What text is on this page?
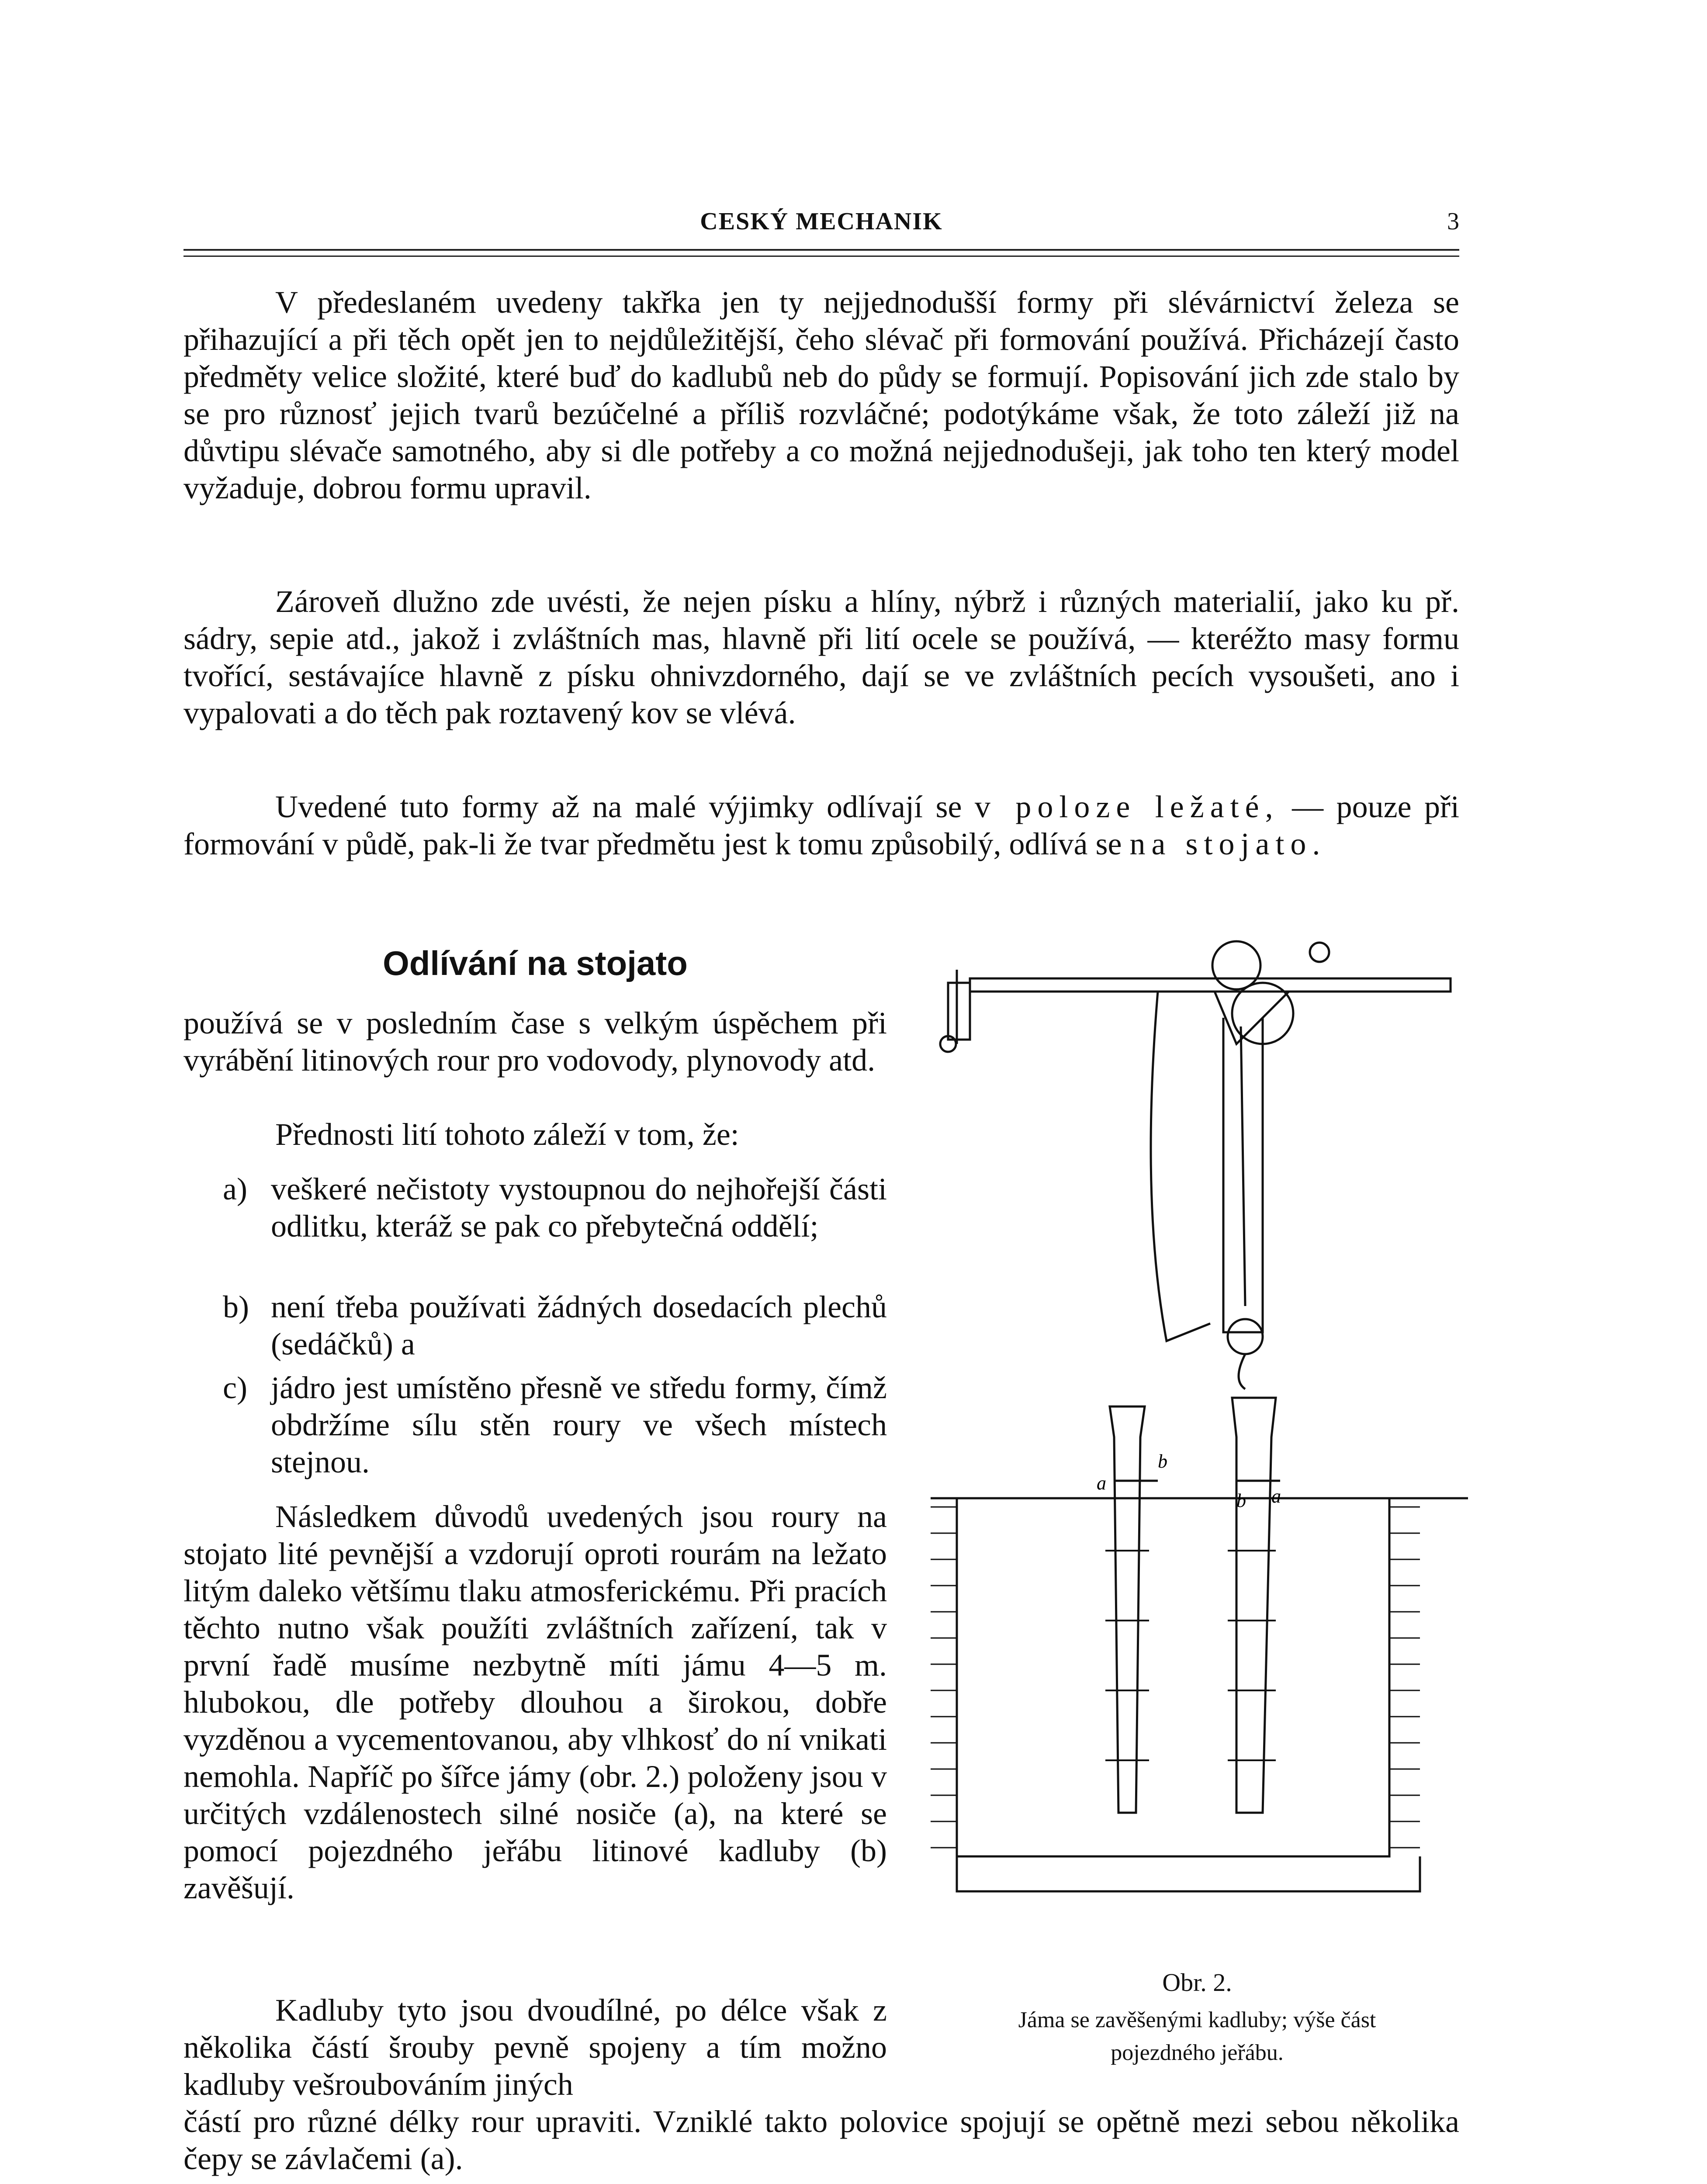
CESKÝ MECHANIK	3

V předeslaném uvedeny takřka jen ty nejjednodušší formy při slévárnictví železa se přihazující a při těch opět jen to nejdůležitější, čeho slévač při formování používá. Přicházejí často předměty velice složité, které buď do kadlubů neb do půdy se formují. Popisování jich zde stalo by se pro různosť jejich tvarů bezúčelné a příliš rozvláčné; podotýkáme však, že toto záleží již na důvtipu slévače samotného, aby si dle potřeby a co možná nejjednodušeji, jak toho ten který model vyžaduje, dobrou formu upravil.

Zároveň dlužno zde uvésti, že nejen písku a hlíny, nýbrž i různých materialií, jako ku př. sádry, sepie atd., jakož i zvláštních mas, hlavně při lití ocele se používá, — kteréžto masy formu tvořící, sestávajíce hlavně z písku ohnivzdorného, dají se ve zvláštních pecích vysoušeti, ano i vypalovati a do těch pak roztavený kov se vlévá.

Uvedené tuto formy až na malé výjimky odlívají se v poloze ležaté, — pouze při formování v půdě, pak-li že tvar předmětu jest k tomu způsobilý, odlívá se na stojato.

Odlívání na stojato

používá se v posledním čase s velkým úspěchem při vyrábění litinových rour pro vodovody, plynovody atd.

Přednosti lití tohoto záleží v tom, že:

a) veškeré nečistoty vystoupnou do nejhořejší části odlitku, kteráž se pak co přebytečná oddělí;
b) není třeba používati žádných dosedacích plechů (sedáčků) a
c) jádro jest umístěno přesně ve středu formy, čímž obdržíme sílu stěn roury ve všech místech stejnou.

Následkem důvodů uvedených jsou roury na stojato lité pevnější a vzdorují oproti rourám na ležato litým daleko většímu tlaku atmosferickému. Při pracích těchto nutno však použíti zvláštních zařízení, tak v první řadě musíme nezbytně míti jámu 4—5 m. hlubokou, dle potřeby dlouhou a širokou, dobře vyzděnou a vycementovanou, aby vlhkosť do ní vnikati nemohla. Napříč po šířce jámy (obr. 2.) položeny jsou v určitých vzdálenostech silné nosiče (a), na které se pomocí pojezdného jeřábu litinové kadluby (b) zavěšují.

Kadluby tyto jsou dvoudílné, po délce však z několika částí šrouby pevně spojeny a tím možno kadluby vešroubováním jiných

částí pro různé délky rour upraviti. Vzniklé takto polovice spojují se opětně mezi sebou několika čepy se závlačemi (a).

a
b
b a
Obr. 2.
Jáma se zavěšenými kadluby; výše část
pojezdného jeřábu.
